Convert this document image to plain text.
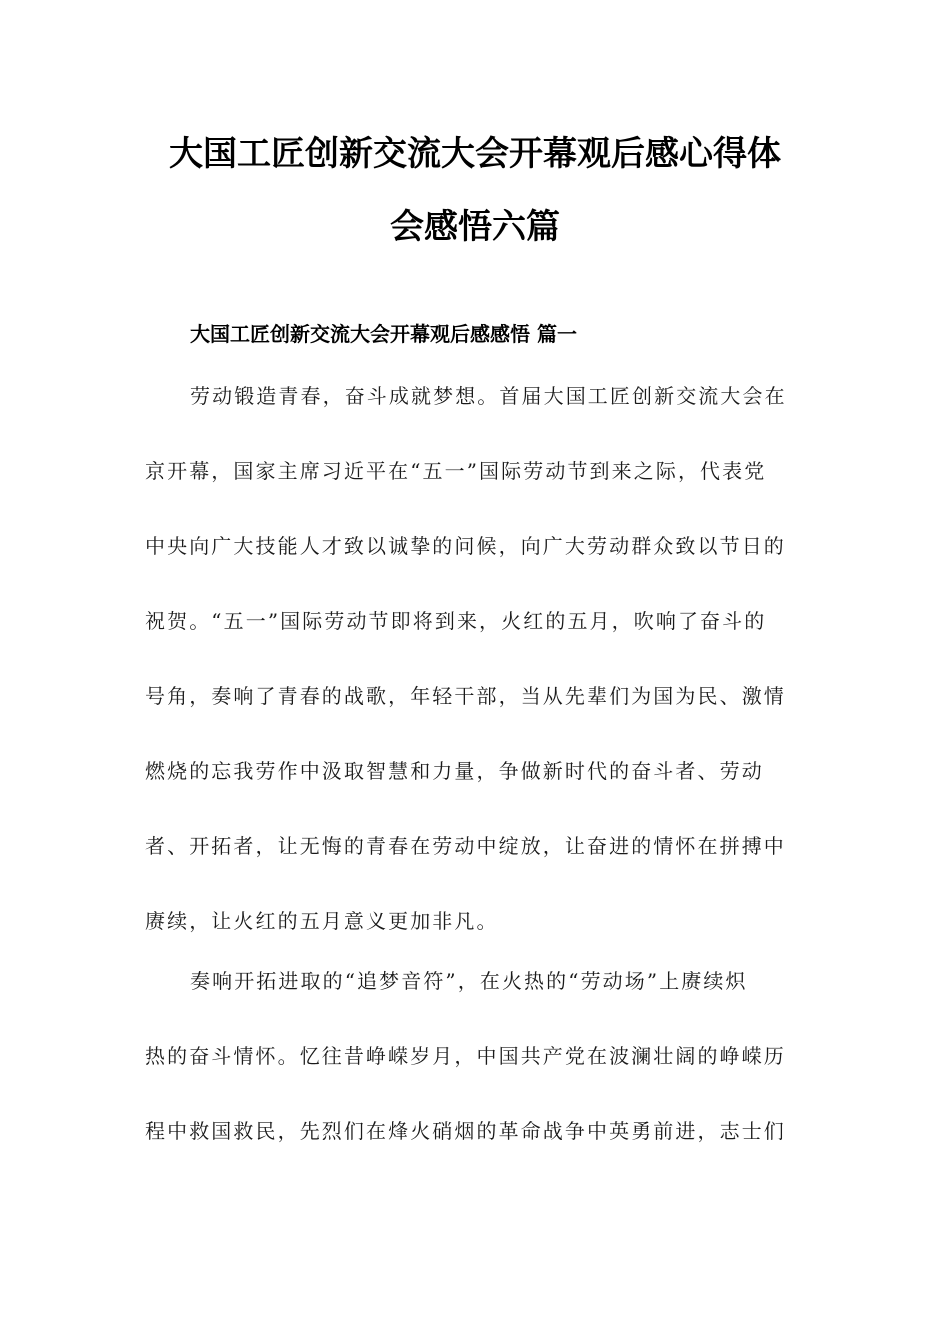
大国工匠创新交流大会开幕观后感心得体
会感悟六篇
大国工匠创新交流大会开幕观后感感悟 篇一

劳动锻造青春，奋斗成就梦想。首届大国工匠创新交流大会在

京开幕，国家主席习近平在“五一”国际劳动节到来之际，代表党

中央向广大技能人才致以诚挚的问候，向广大劳动群众致以节日的

祝贺。“五一”国际劳动节即将到来，火红的五月，吹响了奋斗的

号角，奏响了青春的战歌，年轻干部，当从先辈们为国为民、激情

燃烧的忘我劳作中汲取智慧和力量，争做新时代的奋斗者、劳动

者、开拓者，让无悔的青春在劳动中绽放，让奋进的情怀在拼搏中

赓续，让火红的五月意义更加非凡。

奏响开拓进取的“追梦音符”，在火热的“劳动场”上赓续炽

热的奋斗情怀。忆往昔峥嵘岁月，中国共产党在波澜壮阔的峥嵘历

程中救国救民，先烈们在烽火硝烟的革命战争中英勇前进，志士们
